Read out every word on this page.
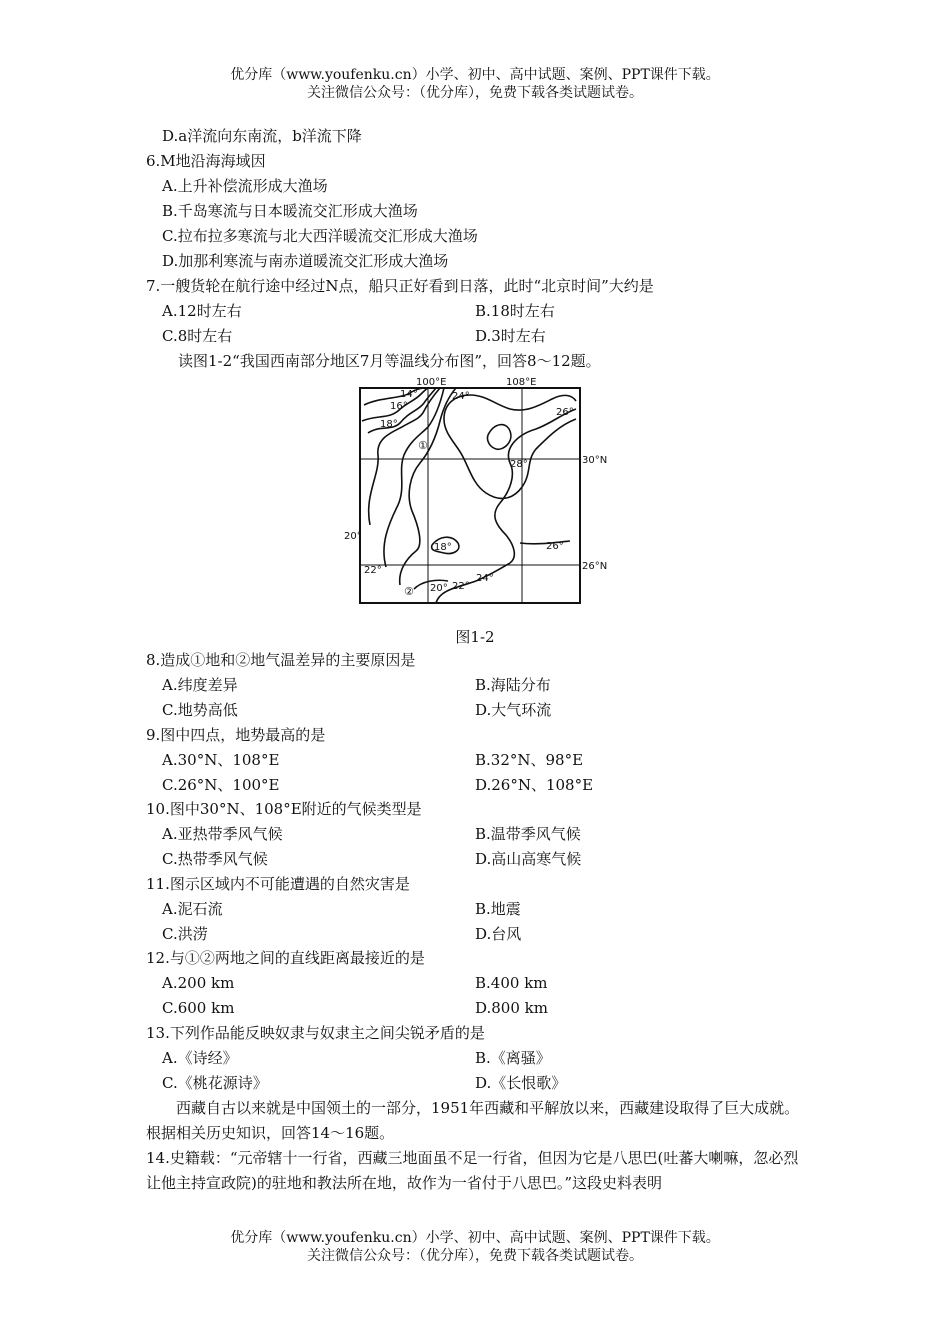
优分库（www.youfenku.cn）小学、初中、高中试题、案例、PPT课件下载。
关注微信公众号：（优分库），免费下载各类试题试卷。
D.a洋流向东南流，b洋流下降
6.M地沿海海域因
A.上升补偿流形成大渔场
B.千岛寒流与日本暖流交汇形成大渔场
C.拉布拉多寒流与北大西洋暖流交汇形成大渔场
D.加那利寒流与南赤道暖流交汇形成大渔场
7.一艘货轮在航行途中经过N点，船只正好看到日落，此时“北京时间”大约是
A.12时左右	B.18时左右
C.8时左右	D.3时左右
读图1-2“我国西南部分地区7月等温线分布图”，回答8～12题。
100°E	108°E
30°N
26°N
14°
16°
18°
20°
22°
20° 22°
24°
24°
26°
26°
28°
18°
①
②
图1-2
8.造成①地和②地气温差异的主要原因是
A.纬度差异	B.海陆分布
C.地势高低	D.大气环流
9.图中四点，地势最高的是
A.30°N、108°E	B.32°N、98°E
C.26°N、100°E	D.26°N、108°E
10.图中30°N、108°E附近的气候类型是
A.亚热带季风气候	B.温带季风气候
C.热带季风气候	D.高山高寒气候
11.图示区域内不可能遭遇的自然灾害是
A.泥石流	B.地震
C.洪涝	D.台风
12.与①②两地之间的直线距离最接近的是
A.200 km	B.400 km
C.600 km	D.800 km
13.下列作品能反映奴隶与奴隶主之间尖锐矛盾的是
A.《诗经》	B.《离骚》
C.《桃花源诗》	D.《长恨歌》
西藏自古以来就是中国领土的一部分，1951年西藏和平解放以来，西藏建设取得了巨大成就。根据相关历史知识，回答14～16题。
14.史籍载：“元帝辖十一行省，西藏三地面虽不足一行省，但因为它是八思巴(吐蕃大喇嘛，忽必烈让他主持宣政院)的驻地和教法所在地，故作为一省付于八思巴。”这段史料表明
优分库（www.youfenku.cn）小学、初中、高中试题、案例、PPT课件下载。
关注微信公众号：（优分库），免费下载各类试题试卷。
